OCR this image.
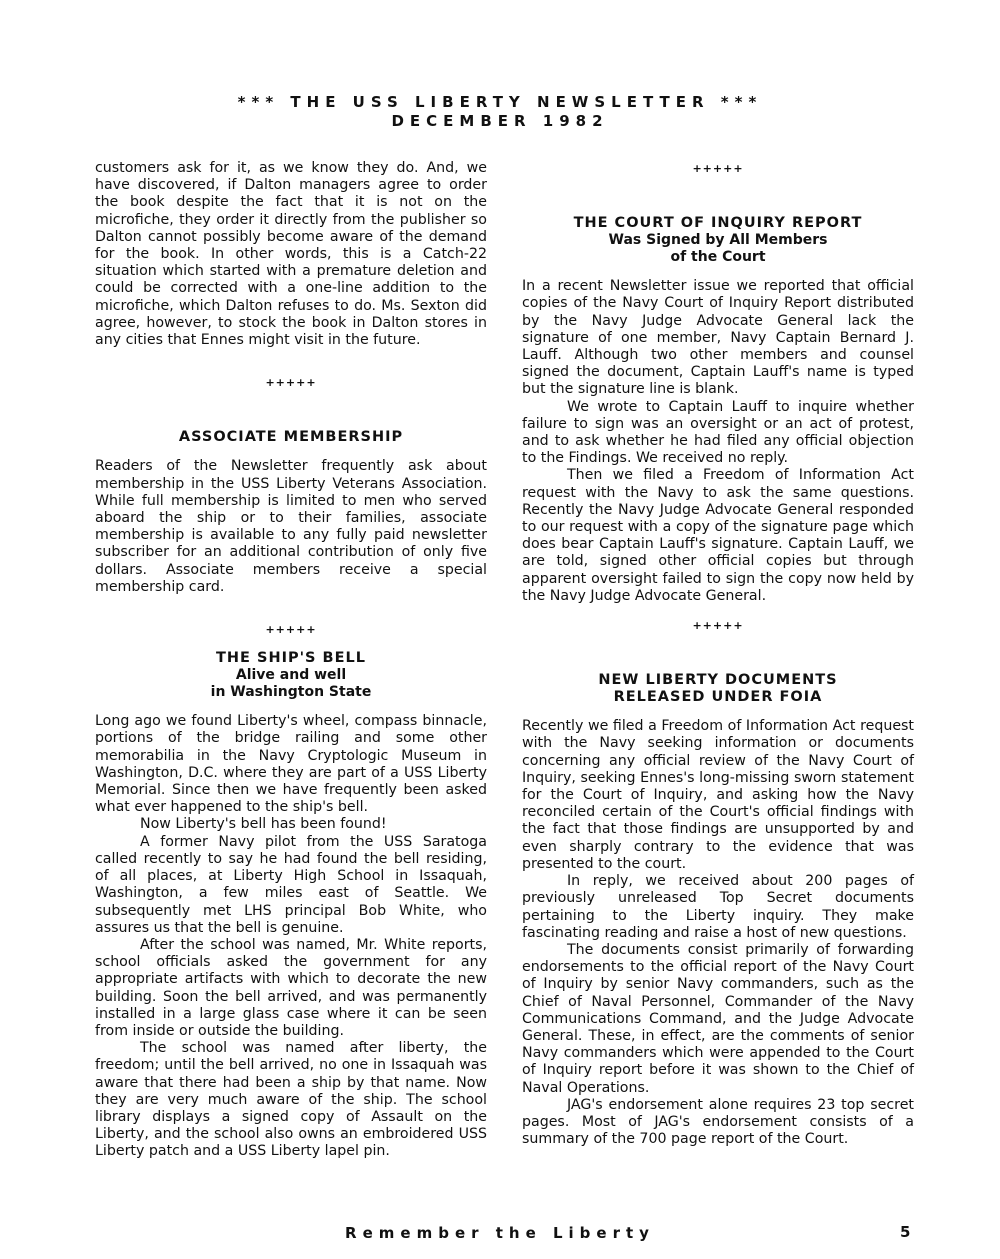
*** THE USS LIBERTY NEWSLETTER ***
DECEMBER 1982

customers ask for it, as we know they do. And, we have discovered, if Dalton managers agree to order the book despite the fact that it is not on the microfiche, they order it directly from the publisher so Dalton cannot possibly become aware of the demand for the book. In other words, this is a Catch-22 situation which started with a premature deletion and could be corrected with a one-line addition to the microfiche, which Dalton refuses to do. Ms. Sexton did agree, however, to stock the book in Dalton stores in any cities that Ennes might visit in the future.

+++++
ASSOCIATE MEMBERSHIP

Readers of the Newsletter frequently ask about membership in the USS Liberty Veterans Association. While full membership is limited to men who served aboard the ship or to their families, associate membership is available to any fully paid newsletter subscriber for an additional contribution of only five dollars. Associate members receive a special membership card.

+++++
THE SHIP'S BELL
Alive and well
in Washington State

Long ago we found Liberty's wheel, compass binnacle, portions of the bridge railing and some other memorabilia in the Navy Cryptologic Museum in Washington, D.C. where they are part of a USS Liberty Memorial. Since then we have frequently been asked what ever happened to the ship's bell.

Now Liberty's bell has been found!

A former Navy pilot from the USS Saratoga called recently to say he had found the bell residing, of all places, at Liberty High School in Issaquah, Washington, a few miles east of Seattle. We subsequently met LHS principal Bob White, who assures us that the bell is genuine.

After the school was named, Mr. White reports, school officials asked the government for any appropriate artifacts with which to decorate the new building. Soon the bell arrived, and was permanently installed in a large glass case where it can be seen from inside or outside the building.

The school was named after liberty, the freedom; until the bell arrived, no one in Issaquah was aware that there had been a ship by that name. Now they are very much aware of the ship. The school library displays a signed copy of Assault on the Liberty, and the school also owns an embroidered USS Liberty patch and a USS Liberty lapel pin.

+++++
THE COURT OF INQUIRY REPORT
Was Signed by All Members
of the Court

In a recent Newsletter issue we reported that official copies of the Navy Court of Inquiry Report distributed by the Navy Judge Advocate General lack the signature of one member, Navy Captain Bernard J. Lauff. Although two other members and counsel signed the document, Captain Lauff's name is typed but the signature line is blank.

We wrote to Captain Lauff to inquire whether failure to sign was an oversight or an act of protest, and to ask whether he had filed any official objection to the Findings. We received no reply.

Then we filed a Freedom of Information Act request with the Navy to ask the same questions. Recently the Navy Judge Advocate General responded to our request with a copy of the signature page which does bear Captain Lauff's signature. Captain Lauff, we are told, signed other official copies but through apparent oversight failed to sign the copy now held by the Navy Judge Advocate General.

+++++
NEW LIBERTY DOCUMENTS
RELEASED UNDER FOIA

Recently we filed a Freedom of Information Act request with the Navy seeking information or documents concerning any official review of the Navy Court of Inquiry, seeking Ennes's long-missing sworn statement for the Court of Inquiry, and asking how the Navy reconciled certain of the Court's official findings with the fact that those findings are unsupported by and even sharply contrary to the evidence that was presented to the court.

In reply, we received about 200 pages of previously unreleased Top Secret documents pertaining to the Liberty inquiry. They make fascinating reading and raise a host of new questions.

The documents consist primarily of forwarding endorsements to the official report of the Navy Court of Inquiry by senior Navy commanders, such as the Chief of Naval Personnel, Commander of the Navy Communications Command, and the Judge Advocate General. These, in effect, are the comments of senior Navy commanders which were appended to the Court of Inquiry report before it was shown to the Chief of Naval Operations.

JAG's endorsement alone requires 23 top secret pages. Most of JAG's endorsement consists of a summary of the 700 page report of the Court.

Remember the Liberty	5
